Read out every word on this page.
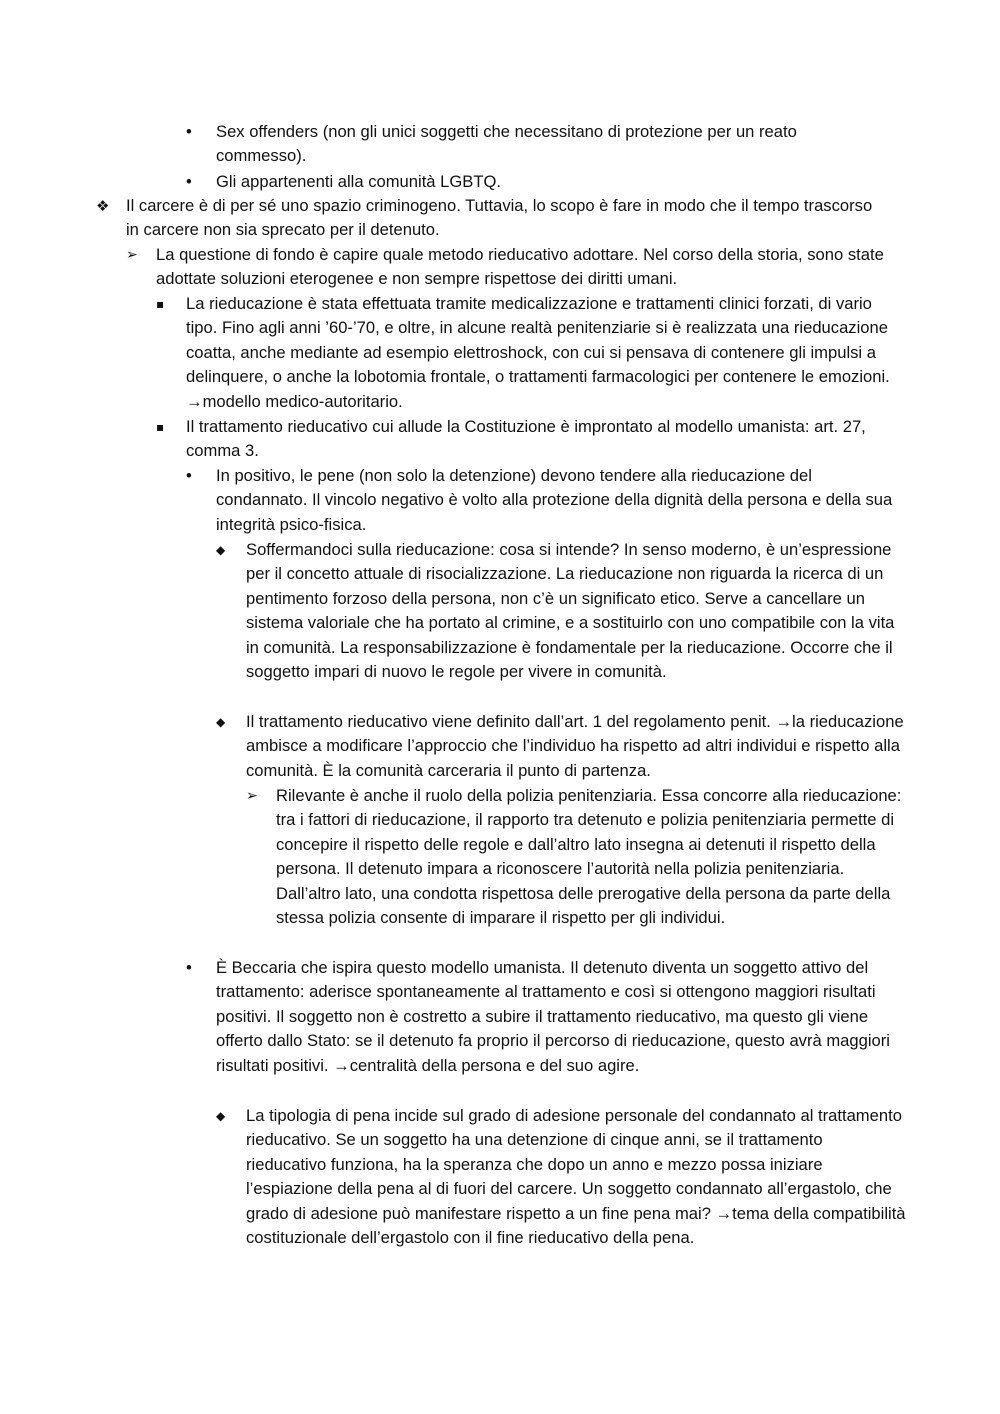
•	Sex offenders (non gli unici soggetti che necessitano di protezione per un reato commesso).
•	Gli appartenenti alla comunità LGBTQ.
❖ Il carcere è di per sé uno spazio criminogeno. Tuttavia, lo scopo è fare in modo che il tempo trascorso in carcere non sia sprecato per il detenuto.
➢	La questione di fondo è capire quale metodo rieducativo adottare. Nel corso della storia, sono state adottate soluzioni eterogenee e non sempre rispettose dei diritti umani.
▪	La rieducazione è stata effettuata tramite medicalizzazione e trattamenti clinici forzati, di vario tipo. Fino agli anni ’60-’70, e oltre, in alcune realtà penitenziarie si è realizzata una rieducazione coatta, anche mediante ad esempio elettroshock, con cui si pensava di contenere gli impulsi a delinquere, o anche la lobotomia frontale, o trattamenti farmacologici per contenere le emozioni. →modello medico-autoritario.
▪	Il trattamento rieducativo cui allude la Costituzione è improntato al modello umanista: art. 27, comma 3.
•	In positivo, le pene (non solo la detenzione) devono tendere alla rieducazione del condannato. Il vincolo negativo è volto alla protezione della dignità della persona e della sua integrità psico-fisica.
◆	Soffermandoci sulla rieducazione: cosa si intende? In senso moderno, è un’espressione per il concetto attuale di risocializzazione. La rieducazione non riguarda la ricerca di un pentimento forzoso della persona, non c’è un significato etico. Serve a cancellare un sistema valoriale che ha portato al crimine, e a sostituirlo con uno compatibile con la vita in comunità. La responsabilizzazione è fondamentale per la rieducazione. Occorre che il soggetto impari di nuovo le regole per vivere in comunità.
◆	Il trattamento rieducativo viene definito dall’art. 1 del regolamento penit. →la rieducazione ambisce a modificare l’approccio che l’individuo ha rispetto ad altri individui e rispetto alla comunità. È la comunità carceraria il punto di partenza.
➢	Rilevante è anche il ruolo della polizia penitenziaria. Essa concorre alla rieducazione: tra i fattori di rieducazione, il rapporto tra detenuto e polizia penitenziaria permette di concepire il rispetto delle regole e dall’altro lato insegna ai detenuti il rispetto della persona. Il detenuto impara a riconoscere l’autorità nella polizia penitenziaria. Dall’altro lato, una condotta rispettosa delle prerogative della persona da parte della stessa polizia consente di imparare il rispetto per gli individui.
•	È Beccaria che ispira questo modello umanista. Il detenuto diventa un soggetto attivo del trattamento: aderisce spontaneamente al trattamento e così si ottengono maggiori risultati positivi. Il soggetto non è costretto a subire il trattamento rieducativo, ma questo gli viene offerto dallo Stato: se il detenuto fa proprio il percorso di rieducazione, questo avrà maggiori risultati positivi. →centralità della persona e del suo agire.
◆	La tipologia di pena incide sul grado di adesione personale del condannato al trattamento rieducativo. Se un soggetto ha una detenzione di cinque anni, se il trattamento rieducativo funziona, ha la speranza che dopo un anno e mezzo possa iniziare l’espiazione della pena al di fuori del carcere. Un soggetto condannato all’ergastolo, che grado di adesione può manifestare rispetto a un fine pena mai? →tema della compatibilità costituzionale dell’ergastolo con il fine rieducativo della pena.
